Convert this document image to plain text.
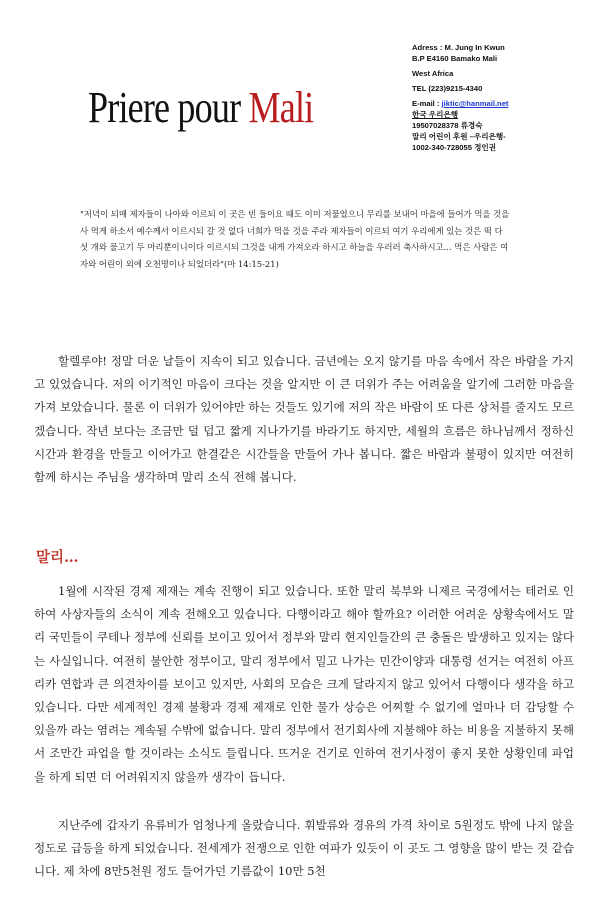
Priere pour Mali
Adress : M. Jung In Kwun
B.P E4160 Bamako Mali
West Africa
TEL (223)9215-4340
E-mail : jiktic@hanmail.net
한국 우리은행
19507028378 류경숙
말리 어린이 후원 –우리은행-
1002-340-728055 정인권
"저녁이 되매 제자들이 나아와 이르되 이 곳은 빈 들이요 때도 이미 저물었으니 무리를 보내어 마을에 들어가 먹을 것을 사 먹게 하소서 예수께서 이르시되 갈 것 없다 너희가 먹을 것을 주라 제자들이 이르되 여기 우리에게 있는 것은 떡 다섯 개와 물고기 두 마리뿐이니이다 이르시되 그것을 내게 가져오라 하시고 하늘을 우러러 축사하시고... 먹은 사람은 여자와 어린이 외에 오천명이나 되었더라"(마 14:15-21)
할렐루야! 정말 더운 날들이 지속이 되고 있습니다. 금년에는 오지 않기를 마음 속에서 작은 바람을 가지고 있었습니다. 저의 이기적인 마음이 크다는 것을 알지만 이 큰 더위가 주는 어려움을 알기에 그러한 마음을 가져 보았습니다. 물론 이 더위가 있어야만 하는 것들도 있기에 저의 작은 바람이 또 다른 상처를 줄지도 모르겠습니다. 작년 보다는 조금만 덜 덥고 짧게 지나가기를 바라기도 하지만, 세월의 흐름은 하나님께서 정하신 시간과 환경을 만들고 이어가고 한결같은 시간들을 만들어 가나 봅니다. 짧은 바람과 불평이 있지만 여전히 함께 하시는 주님을 생각하며 말리 소식 전해 봅니다.
말리…
1월에 시작된 경제 제재는 계속 진행이 되고 있습니다. 또한 말리 북부와 니제르 국경에서는 테러로 인하여 사상자들의 소식이 계속 전해오고 있습니다. 다행이라고 해야 할까요? 이러한 어려운 상황속에서도 말리 국민들이 쿠테나 정부에 신뢰를 보이고 있어서 정부와 말리 현지인들간의 큰 충돌은 발생하고 있지는 않다는 사실입니다. 여전히 불안한 정부이고, 말리 정부에서 밀고 나가는 민간이양과 대통령 선거는 여전히 아프리카 연합과 큰 의견차이를 보이고 있지만, 사회의 모습은 크게 달라지지 않고 있어서 다행이다 생각을 하고 있습니다. 다만 세계적인 경제 불황과 경제 제재로 인한 물가 상승은 어찌할 수 없기에 얼마나 더 감당할 수 있을까 라는 염려는 계속될 수밖에 없습니다. 말리 정부에서 전기회사에 지불해야 하는 비용을 지불하지 못해서 조만간 파업을 할 것이라는 소식도 들립니다. 뜨거운 건기로 인하여 전기사정이 좋지 못한 상황인데 파업을 하게 되면 더 어려워지지 않을까 생각이 듭니다.
지난주에 갑자기 유류비가 엄청나게 올랐습니다. 휘발류와 경유의 가격 차이로 5원정도 밖에 나지 않을 정도로 급등을 하게 되었습니다. 전세계가 전쟁으로 인한 여파가 있듯이 이 곳도 그 영향을 많이 받는 것 같습니다. 제 차에 8만5천원 정도 들어가던 기름값이 10만 5천
